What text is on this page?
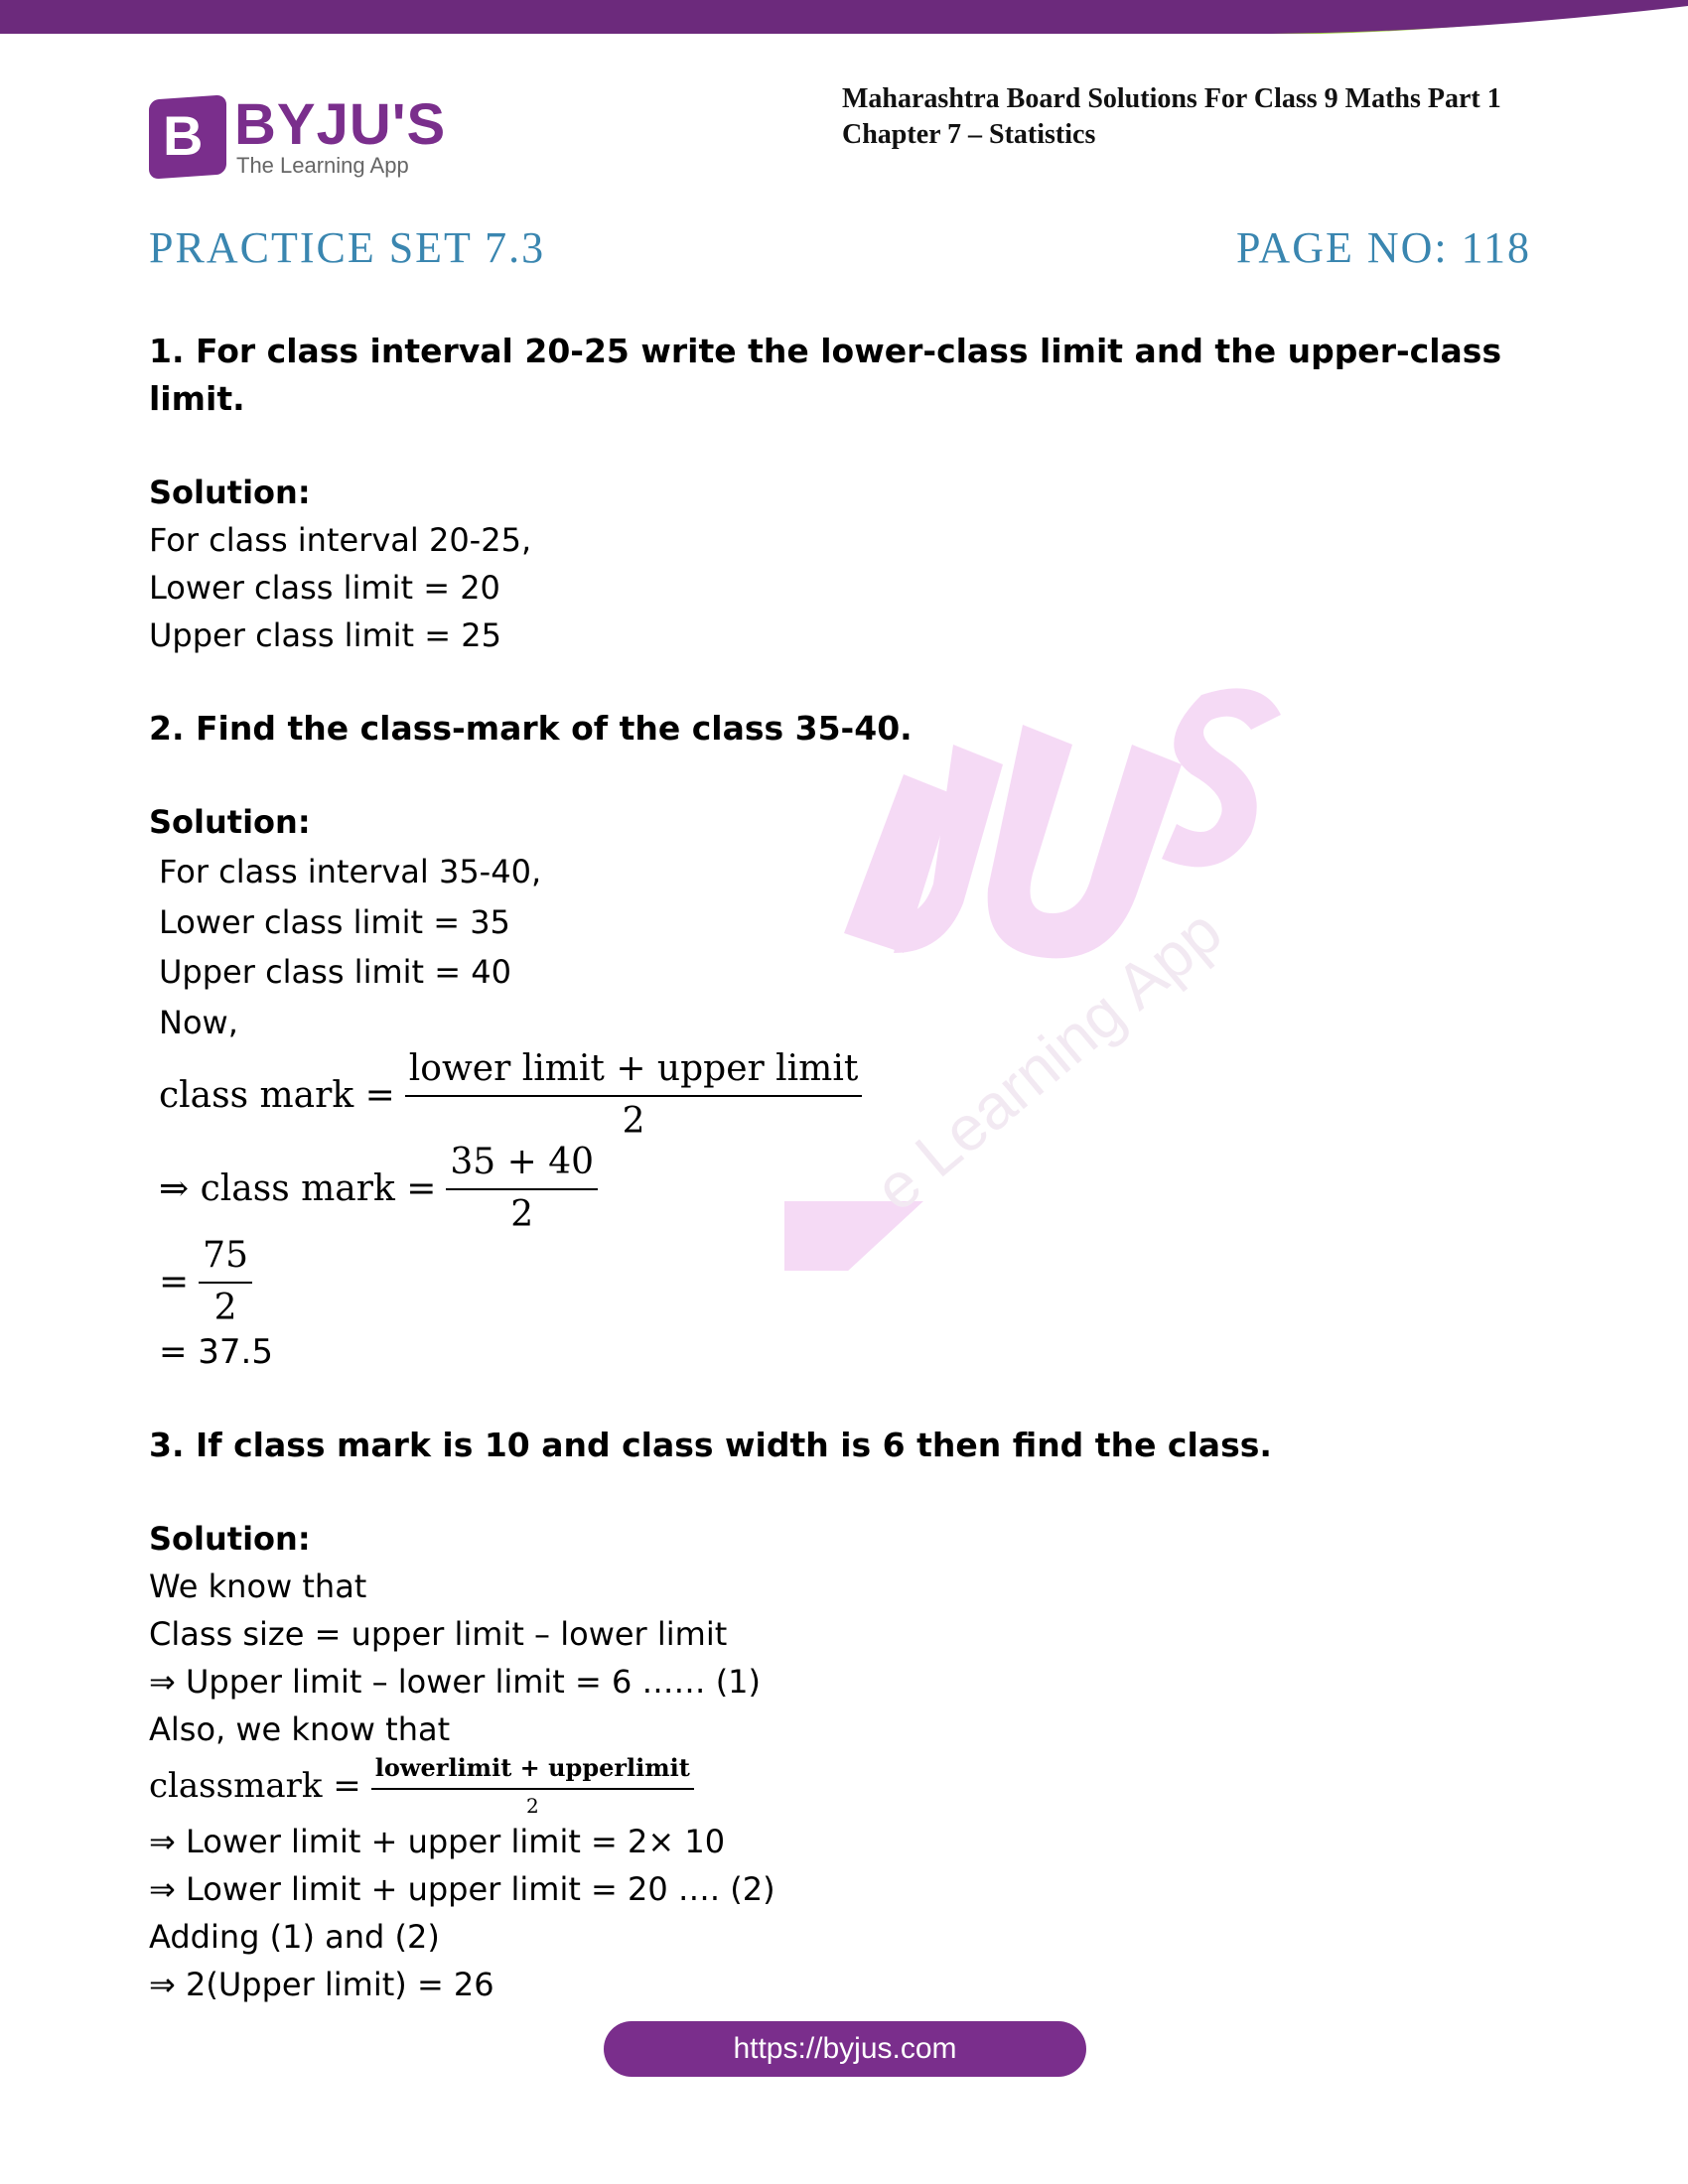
B BYJU'S
The Learning App
Maharashtra Board Solutions For Class 9 Maths Part 1
Chapter 7 – Statistics
PRACTICE SET 7.3	PAGE NO: 118
e Learning App
1. For class interval 20-25 write the lower-class limit and the upper-class limit.
Solution:
For class interval 20-25,
Lower class limit = 20
Upper class limit = 25
2. Find the class-mark of the class 35-40.
Solution:
For class interval 35-40,
Lower class limit = 35
Upper class limit = 40
Now,
class mark = $\frac{\text{lower limit + upper limit}}{2}$
⇒ class mark = $\frac{35 + 40}{2}$
= $\frac{75}{2}$
= 37.5
3. If class mark is 10 and class width is 6 then find the class.
Solution:
We know that
Class size = upper limit – lower limit
⇒ Upper limit – lower limit = 6 …… (1)
Also, we know that
classmark = $\frac{\text{lowerlimit + upperlimit}}{2}$
⇒ Lower limit + upper limit = 2× 10
⇒ Lower limit + upper limit = 20 …. (2)
Adding (1) and (2)
⇒ 2(Upper limit) = 26
https://byjus.com
